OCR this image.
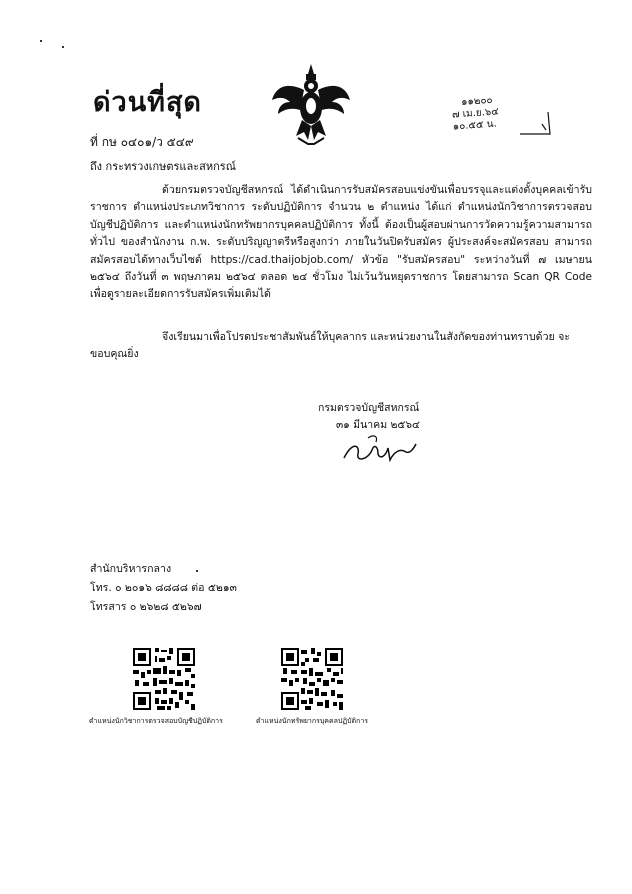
ด่วนที่สุด
ที่ กษ ๐๔๐๑/ว ๕๔๙
ถึง กระทรวงเกษตรและสหกรณ์
๑๑๒๐๐
๗ เม.ย.๖๔
๑๐.๕๕ น.

ด้วยกรมตรวจบัญชีสหกรณ์ ได้ดำเนินการรับสมัครสอบแข่งขันเพื่อบรรจุและแต่งตั้งบุคคลเข้ารับราชการ ตำแหน่งประเภทวิชาการ ระดับปฏิบัติการ จำนวน ๒ ตำแหน่ง ได้แก่ ตำแหน่งนักวิชาการตรวจสอบบัญชีปฏิบัติการ และตำแหน่งนักทรัพยากรบุคคลปฏิบัติการ ทั้งนี้ ต้องเป็นผู้สอบผ่านการวัดความรู้ความสามารถทั่วไป ของสำนักงาน ก.พ. ระดับปริญญาตรีหรือสูงกว่า ภายในวันปิดรับสมัคร ผู้ประสงค์จะสมัครสอบ สามารถสมัครสอบได้ทางเว็บไซต์ https://cad.thaijobjob.com/ หัวข้อ "รับสมัครสอบ" ระหว่างวันที่ ๗ เมษายน ๒๕๖๔ ถึงวันที่ ๓ พฤษภาคม ๒๕๖๔ ตลอด ๒๔ ชั่วโมง ไม่เว้นวันหยุดราชการ โดยสามารถ Scan QR Code เพื่อดูรายละเอียดการรับสมัครเพิ่มเติมได้

จึงเรียนมาเพื่อโปรดประชาสัมพันธ์ให้บุคลากร และหน่วยงานในสังกัดของท่านทราบด้วย จะขอบคุณยิ่ง

กรมตรวจบัญชีสหกรณ์
๓๑ มีนาคม ๒๕๖๔
สำนักบริหารกลาง
โทร. ๐ ๒๐๑๖ ๘๘๘๘ ต่อ ๕๒๑๓
โทรสาร ๐ ๒๖๒๘ ๕๒๖๗
ตำแหน่งนักวิชาการตรวจสอบบัญชีปฏิบัติการ	ตำแหน่งนักทรัพยากรบุคคลปฏิบัติการ
